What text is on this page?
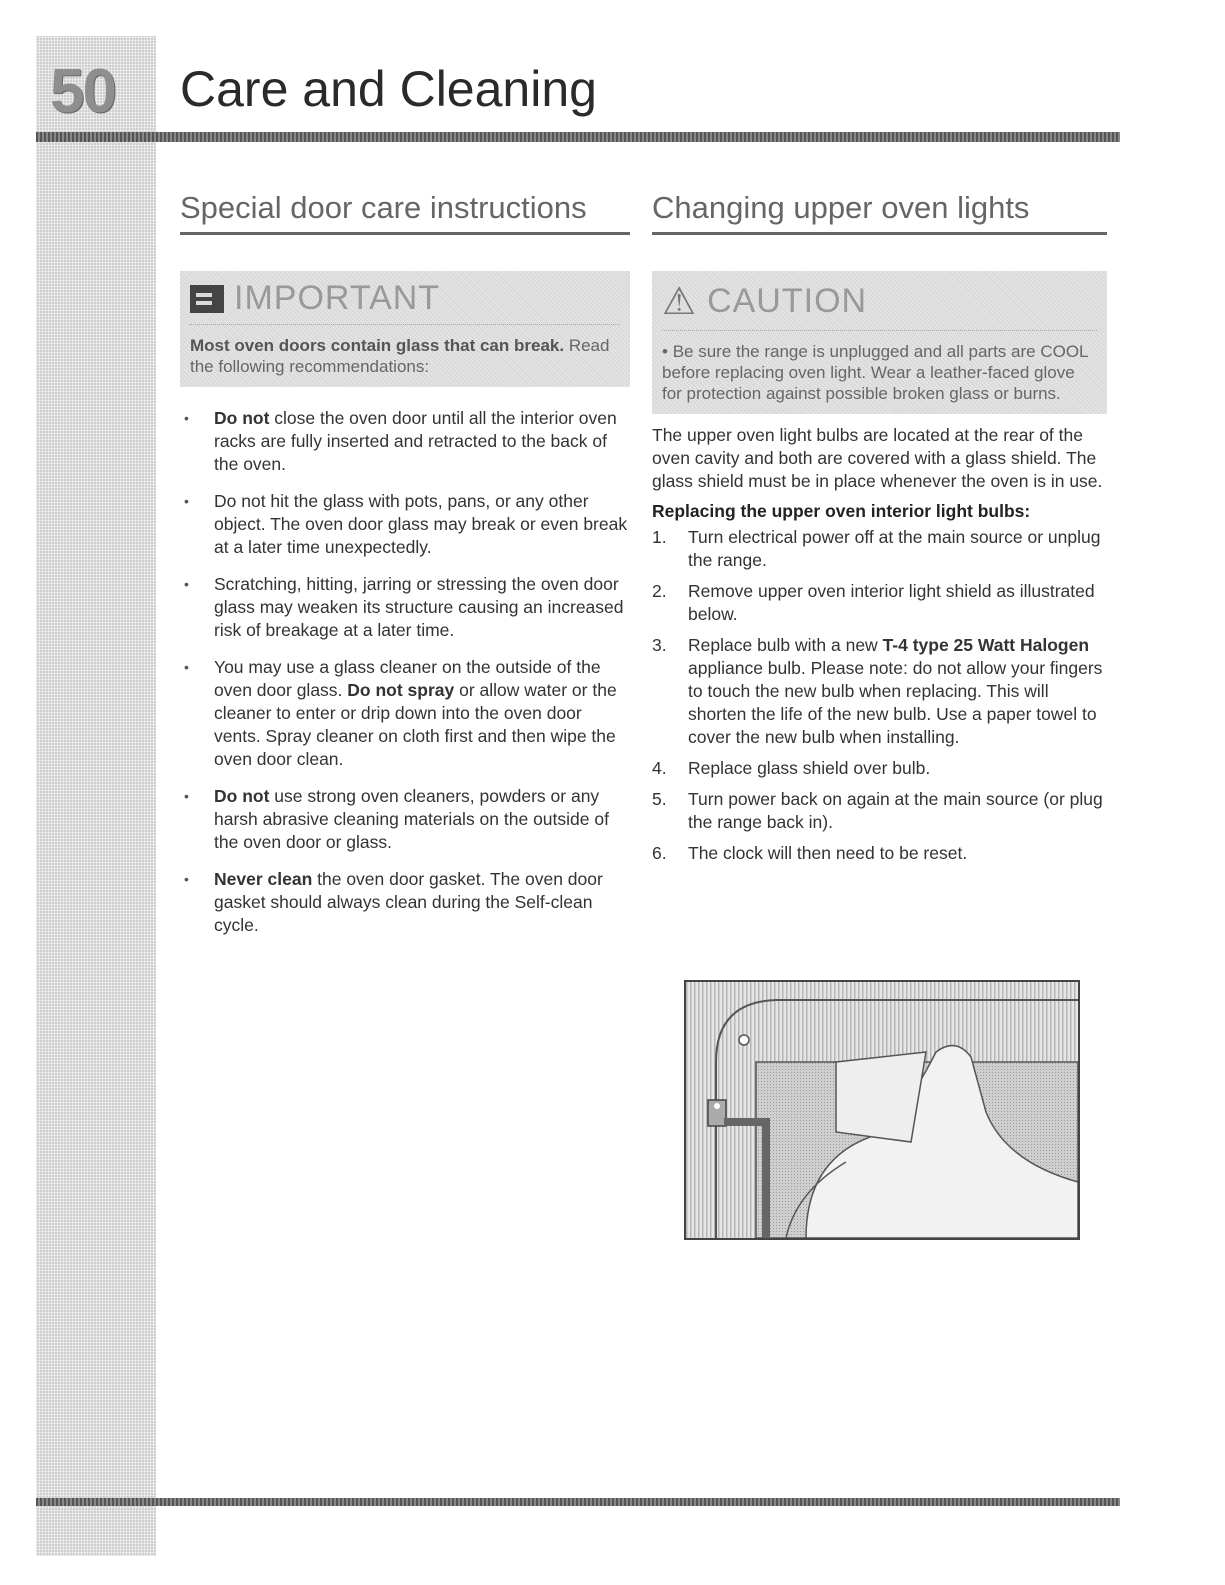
50	Care and Cleaning
Special door care instructions
IMPORTANT
Most oven doors contain glass that can break. Read the following recommendations:
• Do not close the oven door until all the interior oven racks are fully inserted and retracted to the back of the oven.
• Do not hit the glass with pots, pans, or any other object. The oven door glass may break or even break at a later time unexpectedly.
• Scratching, hitting, jarring or stressing the oven door glass may weaken its structure causing an increased risk of breakage at a later time.
• You may use a glass cleaner on the outside of the oven door glass. Do not spray or allow water or the cleaner to enter or drip down into the oven door vents. Spray cleaner on cloth first and then wipe the oven door clean.
• Do not use strong oven cleaners, powders or any harsh abrasive cleaning materials on the outside of the oven door or glass.
• Never clean the oven door gasket. The oven door gasket should always clean during the Self-clean cycle.
Changing upper oven lights
⚠ CAUTION
• Be sure the range is unplugged and all parts are COOL before replacing oven light. Wear a leather-faced glove for protection against possible broken glass or burns.

The upper oven light bulbs are located at the rear of the oven cavity and both are covered with a glass shield. The glass shield must be in place whenever the oven is in use.

Replacing the upper oven interior light bulbs:

1.	Turn electrical power off at the main source or unplug the range.
2.	Remove upper oven interior light shield as illustrated below.
3.	Replace bulb with a new T-4 type 25 Watt Halogen appliance bulb. Please note: do not allow your fingers to touch the new bulb when replacing. This will shorten the life of the new bulb. Use a paper towel to cover the new bulb when installing.
4.	Replace glass shield over bulb.
5.	Turn power back on again at the main source (or plug the range back in).
6.	The clock will then need to be reset.
